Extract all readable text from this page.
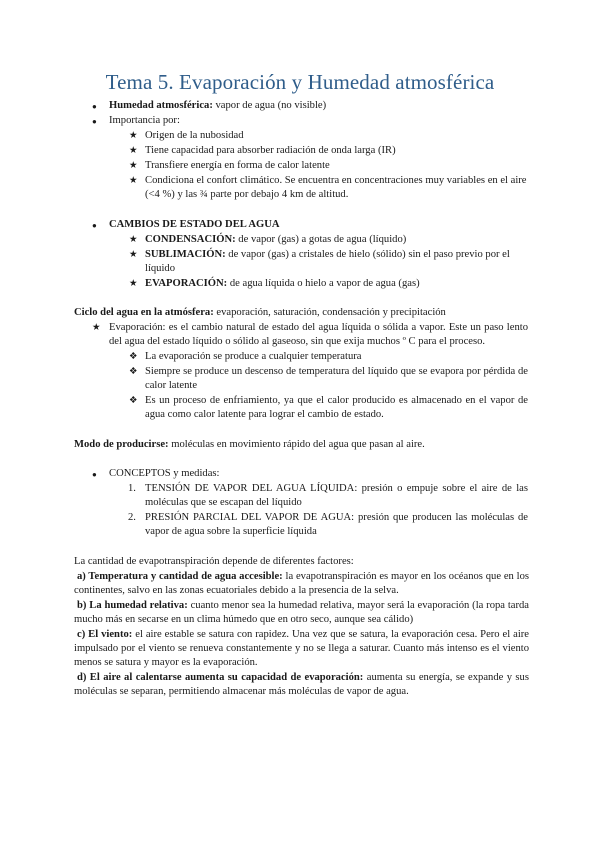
Tema 5. Evaporación y Humedad atmosférica
● Humedad atmosférica: vapor de agua (no visible)
● Importancia por:
★ Origen de la nubosidad
★ Tiene capacidad para absorber radiación de onda larga (IR)
★ Transfiere energía en forma de calor latente
★ Condiciona el confort climático. Se encuentra en concentraciones muy variables en el aire (<4 %) y las ¾ parte por debajo 4 km de altitud.
● CAMBIOS DE ESTADO DEL AGUA
★ CONDENSACIÓN: de vapor (gas) a gotas de agua (líquido)
★ SUBLIMACIÓN: de vapor (gas) a cristales de hielo (sólido) sin el paso previo por el líquido
★ EVAPORACIÓN: de agua líquida o hielo a vapor de agua (gas)
Ciclo del agua en la atmósfera: evaporación, saturación, condensación y precipitación
★ Evaporación: es el cambio natural de estado del agua líquida o sólida a vapor. Este un paso lento del agua del estado líquido o sólido al gaseoso, sin que exija muchos º C para el proceso.
❖ La evaporación se produce a cualquier temperatura
❖ Siempre se produce un descenso de temperatura del líquido que se evapora por pérdida de calor latente
❖ Es un proceso de enfriamiento, ya que el calor producido es almacenado en el vapor de agua como calor latente para lograr el cambio de estado.
Modo de producirse: moléculas en movimiento rápido del agua que pasan al aire.
● CONCEPTOS y medidas:
1. TENSIÓN DE VAPOR DEL AGUA LÍQUIDA: presión o empuje sobre el aire de las moléculas que se escapan del líquido
2. PRESIÓN PARCIAL DEL VAPOR DE AGUA: presión que producen las moléculas de vapor de agua sobre la superficie líquida
La cantidad de evapotranspiración depende de diferentes factores:
a) Temperatura y cantidad de agua accesible: la evapotranspiración es mayor en los océanos que en los continentes, salvo en las zonas ecuatoriales debido a la presencia de la selva.
b) La humedad relativa: cuanto menor sea la humedad relativa, mayor será la evaporación (la ropa tarda mucho más en secarse en un clima húmedo que en otro seco, aunque sea cálido)
c) El viento: el aire estable se satura con rapidez. Una vez que se satura, la evaporación cesa. Pero el aire impulsado por el viento se renueva constantemente y no se llega a saturar. Cuanto más intenso es el viento menos se satura y mayor es la evaporación.
d) El aire al calentarse aumenta su capacidad de evaporación: aumenta su energía, se expande y sus moléculas se separan, permitiendo almacenar más moléculas de vapor de agua.
